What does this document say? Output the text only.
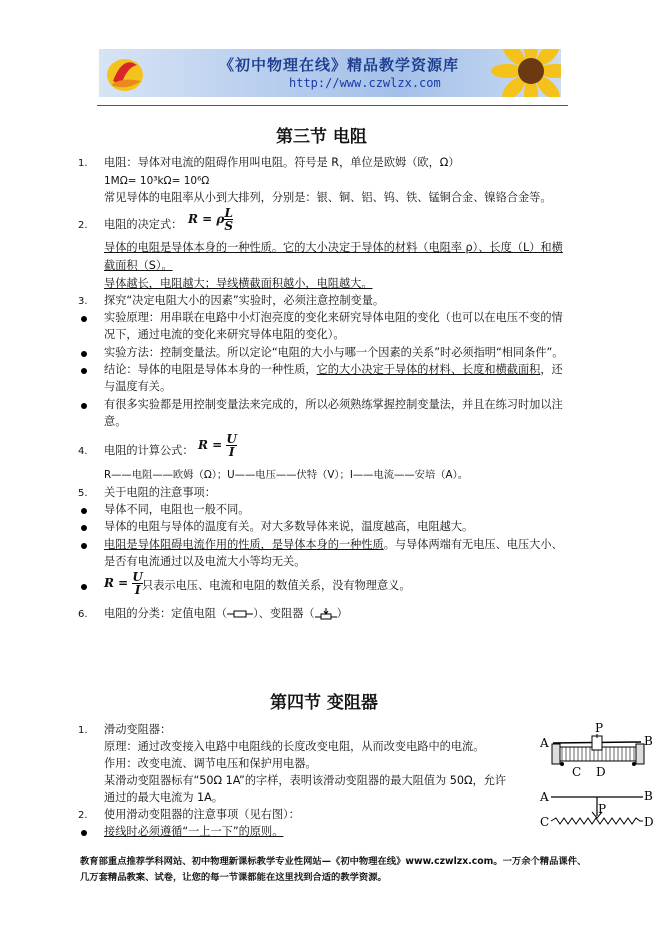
《初中物理在线》精品教学资源库
http://www.czwlzx.com
第三节 电阻
1. 电阻：导体对电流的阻碍作用叫电阻。符号是 R，单位是欧姆（欧，Ω）
1MΩ= 10³kΩ= 10⁶Ω
常见导体的电阻率从小到大排列，分别是：银、铜、铝、钨、铁、锰铜合金、镍铬合金等。
2. 电阻的决定式： R = ρ $\frac{L}{S}$
导体的电阻是导体本身的一种性质。它的大小决定于导体的材料（电阻率 ρ）、长度（L）和横
截面积（S）。
导体越长，电阻越大；导线横截面积越小，电阻越大。
3. 探究“决定电阻大小的因素”实验时，必须注意控制变量。
实验原理：用串联在电路中小灯泡亮度的变化来研究导体电阻的变化（也可以在电压不变的情
况下，通过电流的变化来研究导体电阻的变化）。
实验方法：控制变量法。所以定论“电阻的大小与哪一个因素的关系”时必须指明“相同条件”。
结论：导体的电阻是导体本身的一种性质，它的大小决定于导体的材料、长度和横截面积，还
与温度有关。
有很多实验都是用控制变量法来完成的，所以必须熟练掌握控制变量法，并且在练习时加以注
意。
4. 电阻的计算公式： $R = \frac{U}{I}$
R——电阻——欧姆（Ω）；U——电压——伏特（V）；I——电流——安培（A）。
5. 关于电阻的注意事项：
导体不同，电阻也一般不同。
导体的电阻与导体的温度有关。对大多数导体来说，温度越高，电阻越大。
电阻是导体阻碍电流作用的性质，是导体本身的一种性质。与导体两端有无电压、电压大小、
是否有电流通过以及电流大小等均无关。
$R = \frac{U}{I}$ 只表示电压、电流和电阻的数值关系，没有物理意义。
6. 电阻的分类：定值电阻（ ）、变阻器（ ）
第四节 变阻器
1. 滑动变阻器：
原理：通过改变接入电路中电阻线的长度改变电阻，从而改变电路中的电流。
作用：改变电流、调节电压和保护用电器。
某滑动变阻器标有“50Ω 1A”的字样，表明该滑动变阻器的最大阻值为 50Ω，允许
通过的最大电流为 1A。
2. 使用滑动变阻器的注意事项（见右图）：
接线时必须遵循“一上一下”的原则。
P
A	B
C D
A	B
P
C	D
教育部重点推荐学科网站、初中物理新课标教学专业性网站—《初中物理在线》www.czwlzx.com。一万余个精品课件、
几万套精品教案、试卷，让您的每一节课都能在这里找到合适的教学资源。
